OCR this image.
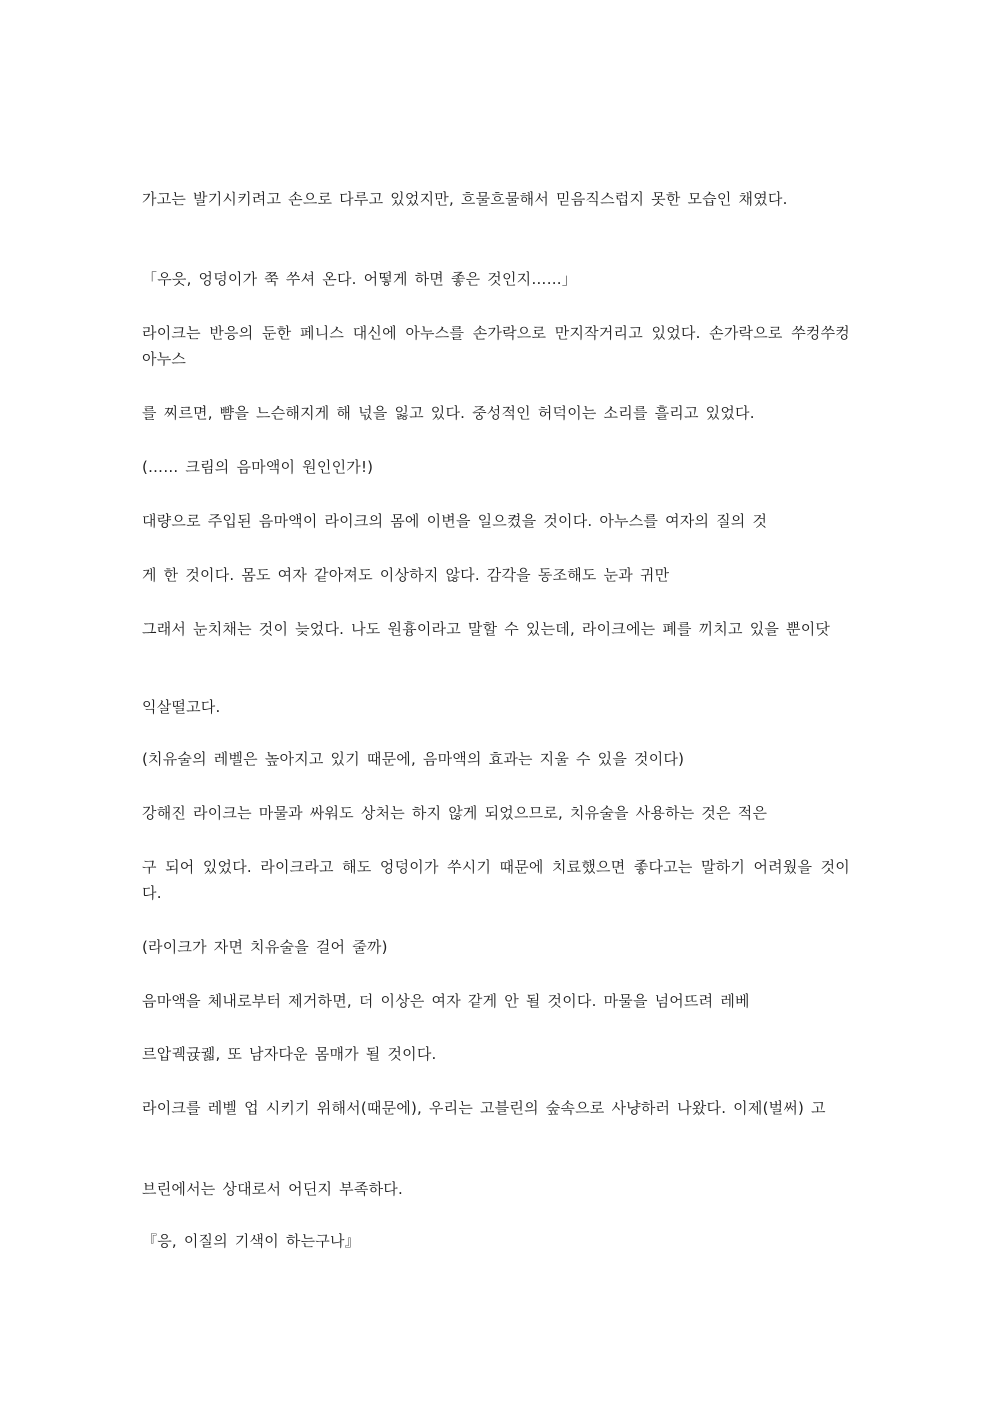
가고는 발기시키려고 손으로 다루고 있었지만, 흐물흐물해서 믿음직스럽지 못한 모습인 채였다.

「우읏, 엉덩이가 쭉 쑤셔 온다. 어떻게 하면 좋은 것인지……」

라이크는 반응의 둔한 페니스 대신에 아누스를 손가락으로 만지작거리고 있었다. 손가락으로 쑤컹쑤컹 아누스

를 찌르면, 뺨을 느슨해지게 해 넋을 잃고 있다. 중성적인 허덕이는 소리를 흘리고 있었다.

(…… 크림의 음마액이 원인인가!)

대량으로 주입된 음마액이 라이크의 몸에 이변을 일으켰을 것이다. 아누스를 여자의 질의 것

게 한 것이다. 몸도 여자 같아져도 이상하지 않다. 감각을 동조해도 눈과 귀만

그래서 눈치채는 것이 늦었다. 나도 원흉이라고 말할 수 있는데, 라이크에는 폐를 끼치고 있을 뿐이닷

익살떨고다.

(치유술의 레벨은 높아지고 있기 때문에, 음마액의 효과는 지울 수 있을 것이다)

강해진 라이크는 마물과 싸워도 상처는 하지 않게 되었으므로, 치유술을 사용하는 것은 적은

구 되어 있었다. 라이크라고 해도 엉덩이가 쑤시기 때문에 치료했으면 좋다고는 말하기 어려웠을 것이다.

(라이크가 자면 치유술을 걸어 줄까)

음마액을 체내로부터 제거하면, 더 이상은 여자 같게 안 될 것이다. 마물을 넘어뜨려 레베

르압궥귡궯, 또 남자다운 몸매가 될 것이다.

라이크를 레벨 업 시키기 위해서(때문에), 우리는 고블린의 숲속으로 사냥하러 나왔다. 이제(벌써) 고

브린에서는 상대로서 어딘지 부족하다.

『응, 이질의 기색이 하는구나』
